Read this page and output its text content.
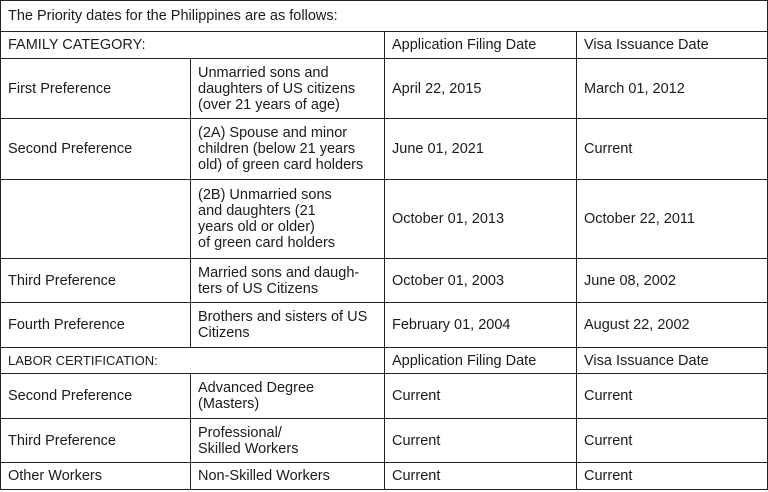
The Priority dates for the Philippines are as follows:			
FAMILY CATEGORY:		Application Filing Date	Visa Issuance Date
First Preference	Unmarried sons and
daughters of US citizens
(over 21 years of age)	April 22, 2015	March 01, 2012
Second Preference	(2A) Spouse and minor
children (below 21 years
old) of green card holders	June 01, 2021	Current
	(2B) Unmarried sons
and daughters (21
years old or older)
of green card holders	October 01, 2013	October 22, 2011
Third Preference	Married sons and daugh-
ters of US Citizens	October 01, 2003	June 08, 2002
Fourth Preference	Brothers and sisters of US
Citizens	February 01, 2004	August 22, 2002
LABOR CERTIFICATION:		Application Filing Date	Visa Issuance Date
Second Preference	Advanced Degree
(Masters)	Current	Current
Third Preference	Professional/
Skilled Workers	Current	Current
Other Workers	Non-Skilled Workers	Current	Current
